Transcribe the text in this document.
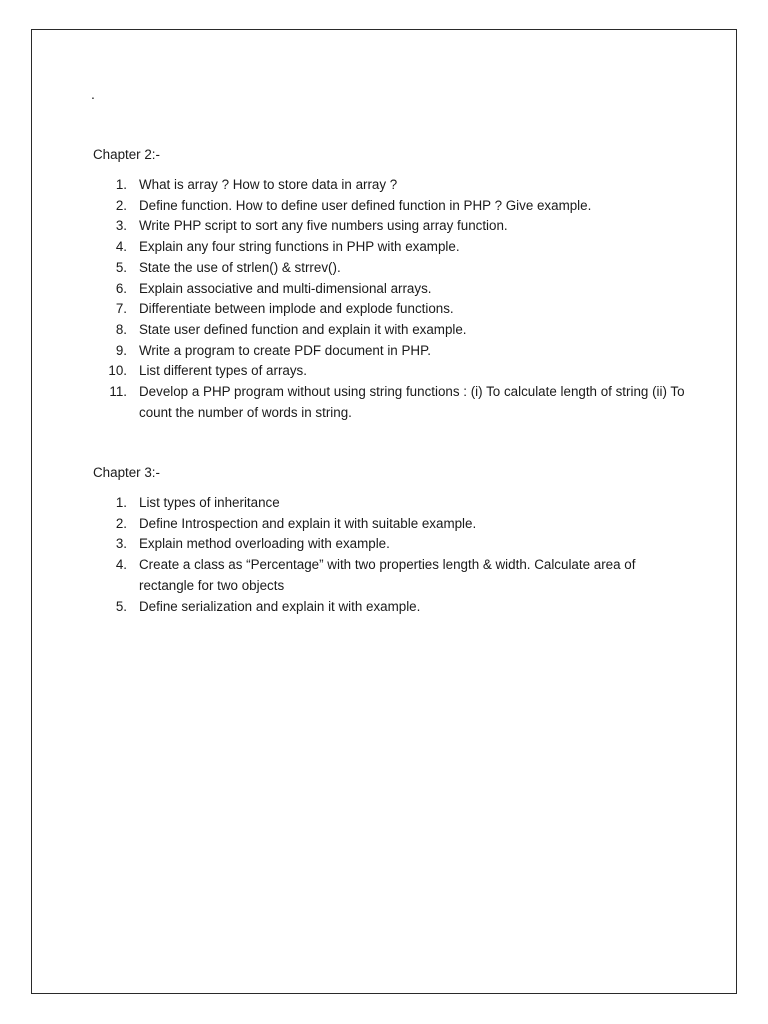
.
Chapter 2:-
1. What is array ? How to store data in array ?
2. Define function. How to define user defined function in PHP ? Give example.
3. Write PHP script to sort any five numbers using array function.
4. Explain any four string functions in PHP with example.
5. State the use of strlen() & strrev().
6. Explain associative and multi-dimensional arrays.
7. Differentiate between implode and explode functions.
8. State user defined function and explain it with example.
9. Write a program to create PDF document in PHP.
10. List different types of arrays.
11. Develop a PHP program without using string functions : (i) To calculate length of string (ii) To count the number of words in string.
Chapter 3:-
1. List types of inheritance
2. Define Introspection and explain it with suitable example.
3. Explain method overloading with example.
4. Create a class as “Percentage” with two properties length & width. Calculate area of rectangle for two objects
5. Define serialization and explain it with example.
